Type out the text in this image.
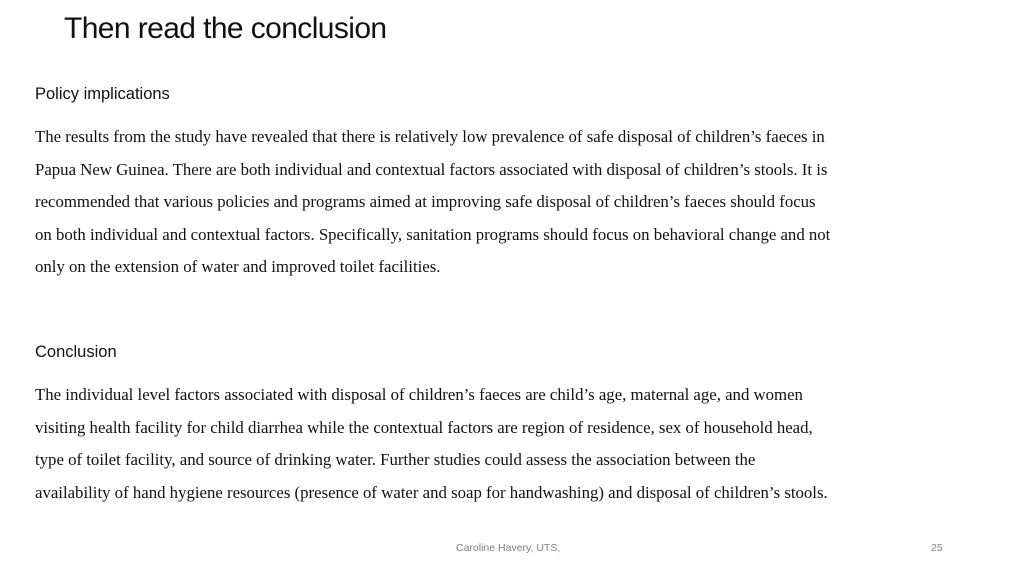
Then read the conclusion
Policy implications

The results from the study have revealed that there is relatively low prevalence of safe disposal of children’s faeces in
Papua New Guinea. There are both individual and contextual factors associated with disposal of children’s stools. It is
recommended that various policies and programs aimed at improving safe disposal of children’s faeces should focus
on both individual and contextual factors. Specifically, sanitation programs should focus on behavioral change and not
only on the extension of water and improved toilet facilities.

Conclusion

The individual level factors associated with disposal of children’s faeces are child’s age, maternal age, and women
visiting health facility for child diarrhea while the contextual factors are region of residence, sex of household head,
type of toilet facility, and source of drinking water. Further studies could assess the association between the
availability of hand hygiene resources (presence of water and soap for handwashing) and disposal of children’s stools.

Caroline Havery, UTS,	25
